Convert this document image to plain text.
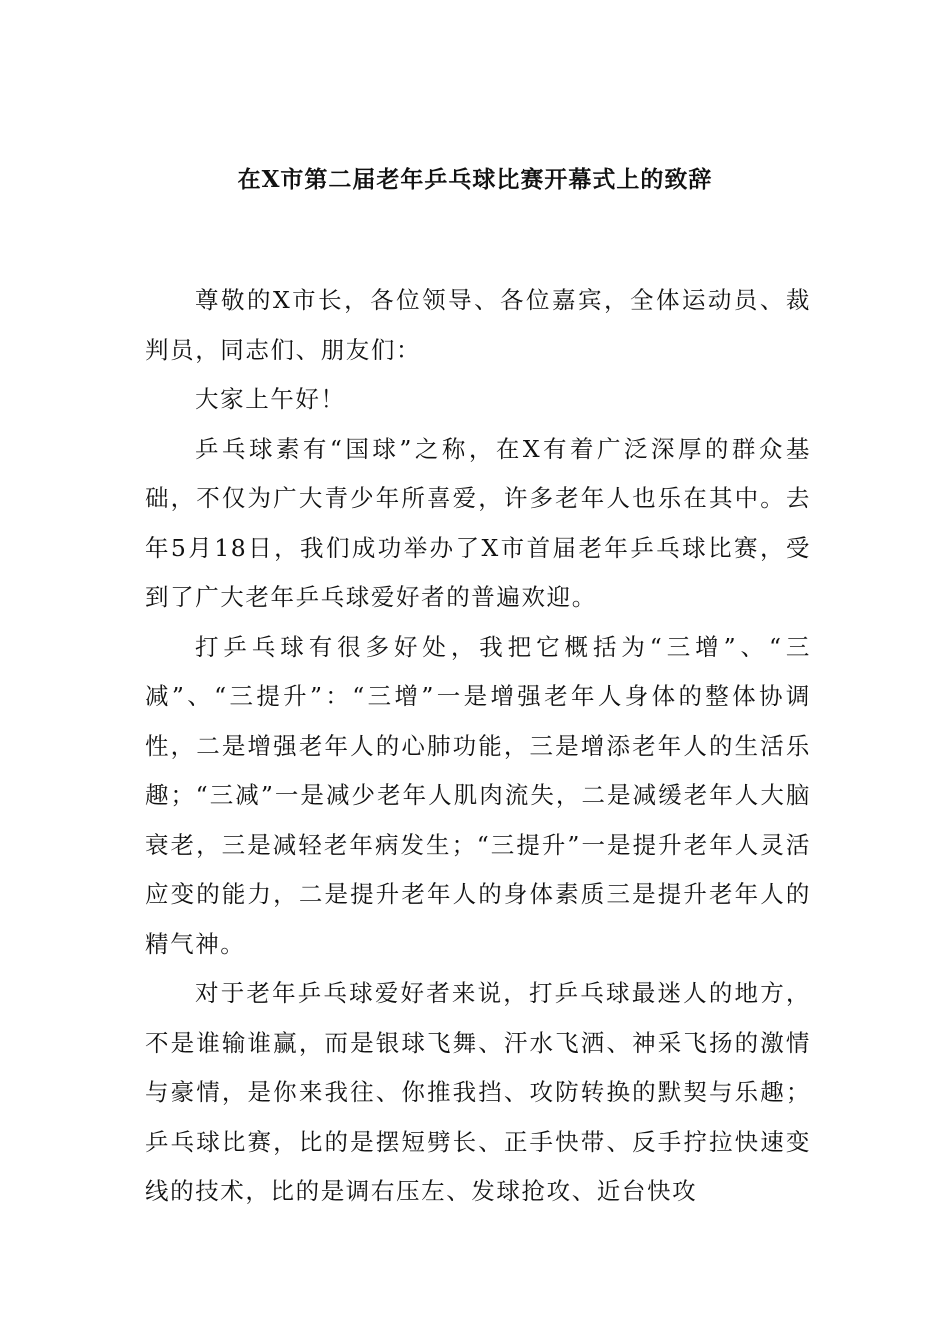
在X市第二届老年乒乓球比赛开幕式上的致辞

尊敬的X市长，各位领导、各位嘉宾，全体运动员、裁判员，同志们、朋友们：

大家上午好！

乒乓球素有“国球”之称，在X有着广泛深厚的群众基础，不仅为广大青少年所喜爱，许多老年人也乐在其中。去年5月18日，我们成功举办了X市首届老年乒乓球比赛，受到了广大老年乒乓球爱好者的普遍欢迎。

打乒乓球有很多好处，我把它概括为“三增”、“三减”、“三提升”：“三增”一是增强老年人身体的整体协调性，二是增强老年人的心肺功能，三是增添老年人的生活乐趣；“三减”一是减少老年人肌肉流失，二是减缓老年人大脑衰老，三是减轻老年病发生；“三提升”一是提升老年人灵活应变的能力，二是提升老年人的身体素质三是提升老年人的精气神。

对于老年乒乓球爱好者来说，打乒乓球最迷人的地方，不是谁输谁赢，而是银球飞舞、汗水飞洒、神采飞扬的激情与豪情，是你来我往、你推我挡、攻防转换的默契与乐趣；乒乓球比赛，比的是摆短劈长、正手快带、反手拧拉快速变线的技术，比的是调右压左、发球抢攻、近台快攻
